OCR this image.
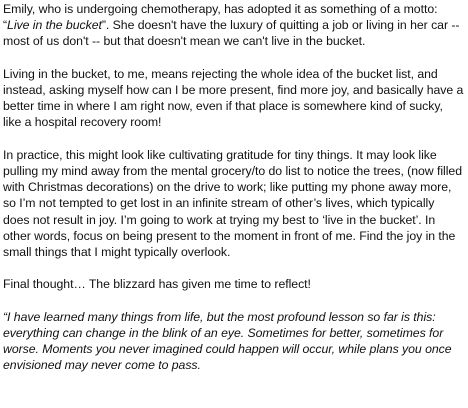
Emily, who is undergoing chemotherapy, has adopted it as something of a motto: “Live in the bucket”. She doesn't have the luxury of quitting a job or living in her car -- most of us don't -- but that doesn't mean we can't live in the bucket.

Living in the bucket, to me, means rejecting the whole idea of the bucket list, and instead, asking myself how can I be more present, find more joy, and basically have a better time in where I am right now, even if that place is somewhere kind of sucky, like a hospital recovery room!

In practice, this might look like cultivating gratitude for tiny things. It may look like pulling my mind away from the mental grocery/to do list to notice the trees, (now filled with Christmas decorations) on the drive to work; like putting my phone away more, so I’m not tempted to get lost in an infinite stream of other’s lives, which typically does not result in joy. I’m going to work at trying my best to ‘live in the bucket’. In other words, focus on being present to the moment in front of me. Find the joy in the small things that I might typically overlook.

Final thought… The blizzard has given me time to reflect!

“I have learned many things from life, but the most profound lesson so far is this: everything can change in the blink of an eye. Sometimes for better, sometimes for worse. Moments you never imagined could happen will occur, while plans you once envisioned may never come to pass.
